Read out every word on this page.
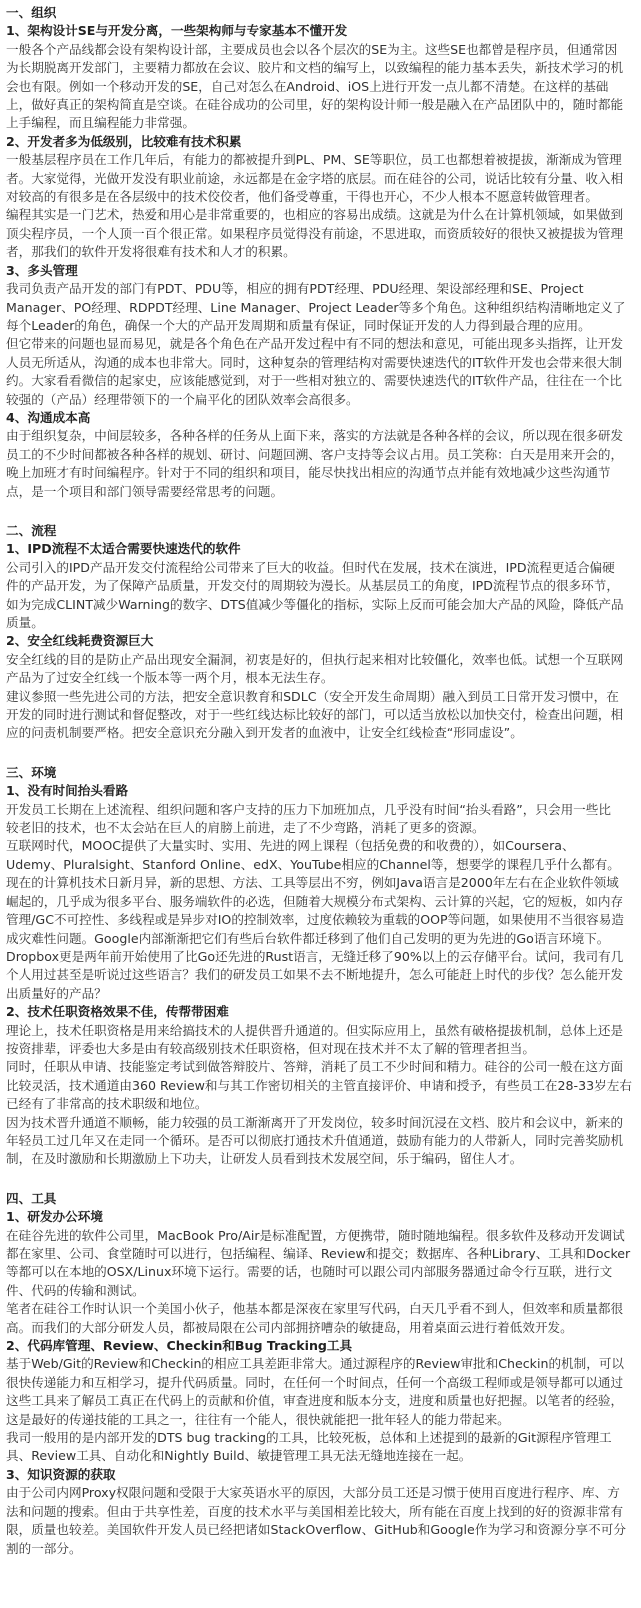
一、组织
1、架构设计SE与开发分离，一些架构师与专家基本不懂开发
一般各个产品线都会设有架构设计部，主要成员也会以各个层次的SE为主。这些SE也都曾是程序员，但通常因
为长期脱离开发部门，主要精力都放在会议、胶片和文档的编写上，以致编程的能力基本丢失，新技术学习的机
会也有限。例如一个移动开发的SE，自己对怎么在Android、iOS上进行开发一点儿都不清楚。在这样的基础
上，做好真正的架构简直是空谈。在硅谷成功的公司里，好的架构设计师一般是融入在产品团队中的，随时都能
上手编程，而且编程能力非常强。
2、开发者多为低级别，比较难有技术积累
一般基层程序员在工作几年后，有能力的都被提升到PL、PM、SE等职位，员工也都想着被提拔，渐渐成为管理
者。大家觉得，光做开发没有职业前途，永远都是在金字塔的底层。而在硅谷的公司，说话比较有分量、收入相
对较高的有很多是在各层级中的技术佼佼者，他们备受尊重，干得也开心，不少人根本不愿意转做管理者。
编程其实是一门艺术，热爱和用心是非常重要的，也相应的容易出成绩。这就是为什么在计算机领域，如果做到
顶尖程序员，一个人顶一百个很正常。如果程序员觉得没有前途，不思进取，而资质较好的很快又被提拔为管理
者，那我们的软件开发将很难有技术和人才的积累。
3、多头管理
我司负责产品开发的部门有PDT、PDU等，相应的拥有PDT经理、PDU经理、架设部经理和SE、Project
Manager、PO经理、RDPDT经理、Line Manager、Project Leader等多个角色。这种组织结构清晰地定义了
每个Leader的角色，确保一个大的产品开发周期和质量有保证，同时保证开发的人力得到最合理的应用。
但它带来的问题也显而易见，就是各个角色在产品开发过程中有不同的想法和意见，可能出现多头指挥，让开发
人员无所适从，沟通的成本也非常大。同时，这种复杂的管理结构对需要快速迭代的IT软件开发也会带来很大制
约。大家看看微信的起家史，应该能感觉到，对于一些相对独立的、需要快速迭代的IT软件产品，往往在一个比
较强的（产品）经理带领下的一个扁平化的团队效率会高很多。
4、沟通成本高
由于组织复杂，中间层较多，各种各样的任务从上面下来，落实的方法就是各种各样的会议，所以现在很多研发
员工的不少时间都被各种各样的规划、研讨、问题回溯、客户支持等会议占用。员工笑称：白天是用来开会的，
晚上加班才有时间编程序。针对于不同的组织和项目，能尽快找出相应的沟通节点并能有效地减少这些沟通节
点，是一个项目和部门领导需要经常思考的问题。
二、流程
1、IPD流程不太适合需要快速迭代的软件
公司引入的IPD产品开发交付流程给公司带来了巨大的收益。但时代在发展，技术在演进，IPD流程更适合偏硬
件的产品开发，为了保障产品质量，开发交付的周期较为漫长。从基层员工的角度，IPD流程节点的很多环节，
如为完成CLINT减少Warning的数字、DTS值减少等僵化的指标，实际上反而可能会加大产品的风险，降低产品
质量。
2、安全红线耗费资源巨大
安全红线的目的是防止产品出现安全漏洞，初衷是好的，但执行起来相对比较僵化，效率也低。试想一个互联网
产品为了过安全红线一个版本等一两个月，根本无法生存。
建议参照一些先进公司的方法，把安全意识教育和SDLC（安全开发生命周期）融入到员工日常开发习惯中，在
开发的同时进行测试和督促整改，对于一些红线达标比较好的部门，可以适当放松以加快交付，检查出问题，相
应的问责机制要严格。把安全意识充分融入到开发者的血液中，让安全红线检查“形同虚设”。
三、环境
1、没有时间抬头看路
开发员工长期在上述流程、组织问题和客户支持的压力下加班加点，几乎没有时间“抬头看路”，只会用一些比
较老旧的技术，也不太会站在巨人的肩膀上前进，走了不少弯路，消耗了更多的资源。
互联网时代，MOOC提供了大量实时、实用、先进的网上课程（包括免费的和收费的），如Coursera、
Udemy、Pluralsight、Stanford Online、edX、YouTube相应的Channel等，想要学的课程几乎什么都有。
现在的计算机技术日新月异，新的思想、方法、工具等层出不穷，例如Java语言是2000年左右在企业软件领域
崛起的，几乎成为很多平台、服务端软件的必选，但随着大规模分布式架构、云计算的兴起，它的短板，如内存
管理/GC不可控性、多线程或是异步对IO的控制效率，过度依赖较为重载的OOP等问题，如果使用不当很容易造
成灾难性问题。Google内部渐渐把它们有些后台软件都迁移到了他们自己发明的更为先进的Go语言环境下。
Dropbox更是两年前开始使用了比Go还先进的Rust语言，无缝迁移了90%以上的云存储平台。试问，我司有几
个人用过甚至是听说过这些语言？我们的研发员工如果不去不断地提升，怎么可能赶上时代的步伐？怎么能开发
出质量好的产品？
2、技术任职资格效果不佳，传帮带困难
理论上，技术任职资格是用来给搞技术的人提供晋升通道的。但实际应用上，虽然有破格提拔机制，总体上还是
按资排辈，评委也大多是由有较高级别技术任职资格，但对现在技术并不太了解的管理者担当。
同时，任职从申请、技能鉴定考试到做答辩胶片、答辩，消耗了员工不少时间和精力。硅谷的公司一般在这方面
比较灵活，技术通道由360 Review和与其工作密切相关的主管直接评价、申请和授予，有些员工在28-33岁左右
已经有了非常高的技术职级和地位。
因为技术晋升通道不顺畅，能力较强的员工渐渐离开了开发岗位，较多时间沉浸在文档、胶片和会议中，新来的
年轻员工过几年又在走同一个循环。是否可以彻底打通技术升值通道，鼓励有能力的人带新人，同时完善奖励机
制，在及时激励和长期激励上下功夫，让研发人员看到技术发展空间，乐于编码，留住人才。
四、工具
1、研发办公环境
在硅谷先进的软件公司里，MacBook Pro/Air是标准配置，方便携带，随时随地编程。很多软件及移动开发调试
都在家里、公司、食堂随时可以进行，包括编程、编译、Review和提交；数据库、各种Library、工具和Docker
等都可以在本地的OSX/Linux环境下运行。需要的话，也随时可以跟公司内部服务器通过命令行互联，进行文
件、代码的传输和测试。
笔者在硅谷工作时认识一个美国小伙子，他基本都是深夜在家里写代码，白天几乎看不到人，但效率和质量都很
高。而我们的大部分研发人员，都被局限在公司内部拥挤嘈杂的敏捷岛，用着桌面云进行着低效开发。
2、代码库管理、Review、Checkin和Bug Tracking工具
基于Web/Git的Review和Checkin的相应工具差距非常大。通过源程序的Review审批和Checkin的机制，可以
很快传递能力和互相学习，提升代码质量。同时，在任何一个时间点，任何一个高级工程师或是领导都可以通过
这些工具来了解员工真正在代码上的贡献和价值，审查进度和版本分支，进度和质量也好把握。以笔者的经验，
这是最好的传递技能的工具之一，往往有一个能人，很快就能把一批年轻人的能力带起来。
我司一般用的是内部开发的DTS bug tracking的工具，比较死板，总体和上述提到的最新的Git源程序管理工
具、Review工具、自动化和Nightly Build、敏捷管理工具无法无缝地连接在一起。
3、知识资源的获取
由于公司内网Proxy权限问题和受限于大家英语水平的原因，大部分员工还是习惯于使用百度进行程序、库、方
法和问题的搜索。但由于共享性差，百度的技术水平与美国相差比较大，所有能在百度上找到的好的资源非常有
限，质量也较差。美国软件开发人员已经把诸如StackOverflow、GitHub和Google作为学习和资源分享不可分
割的一部分。
